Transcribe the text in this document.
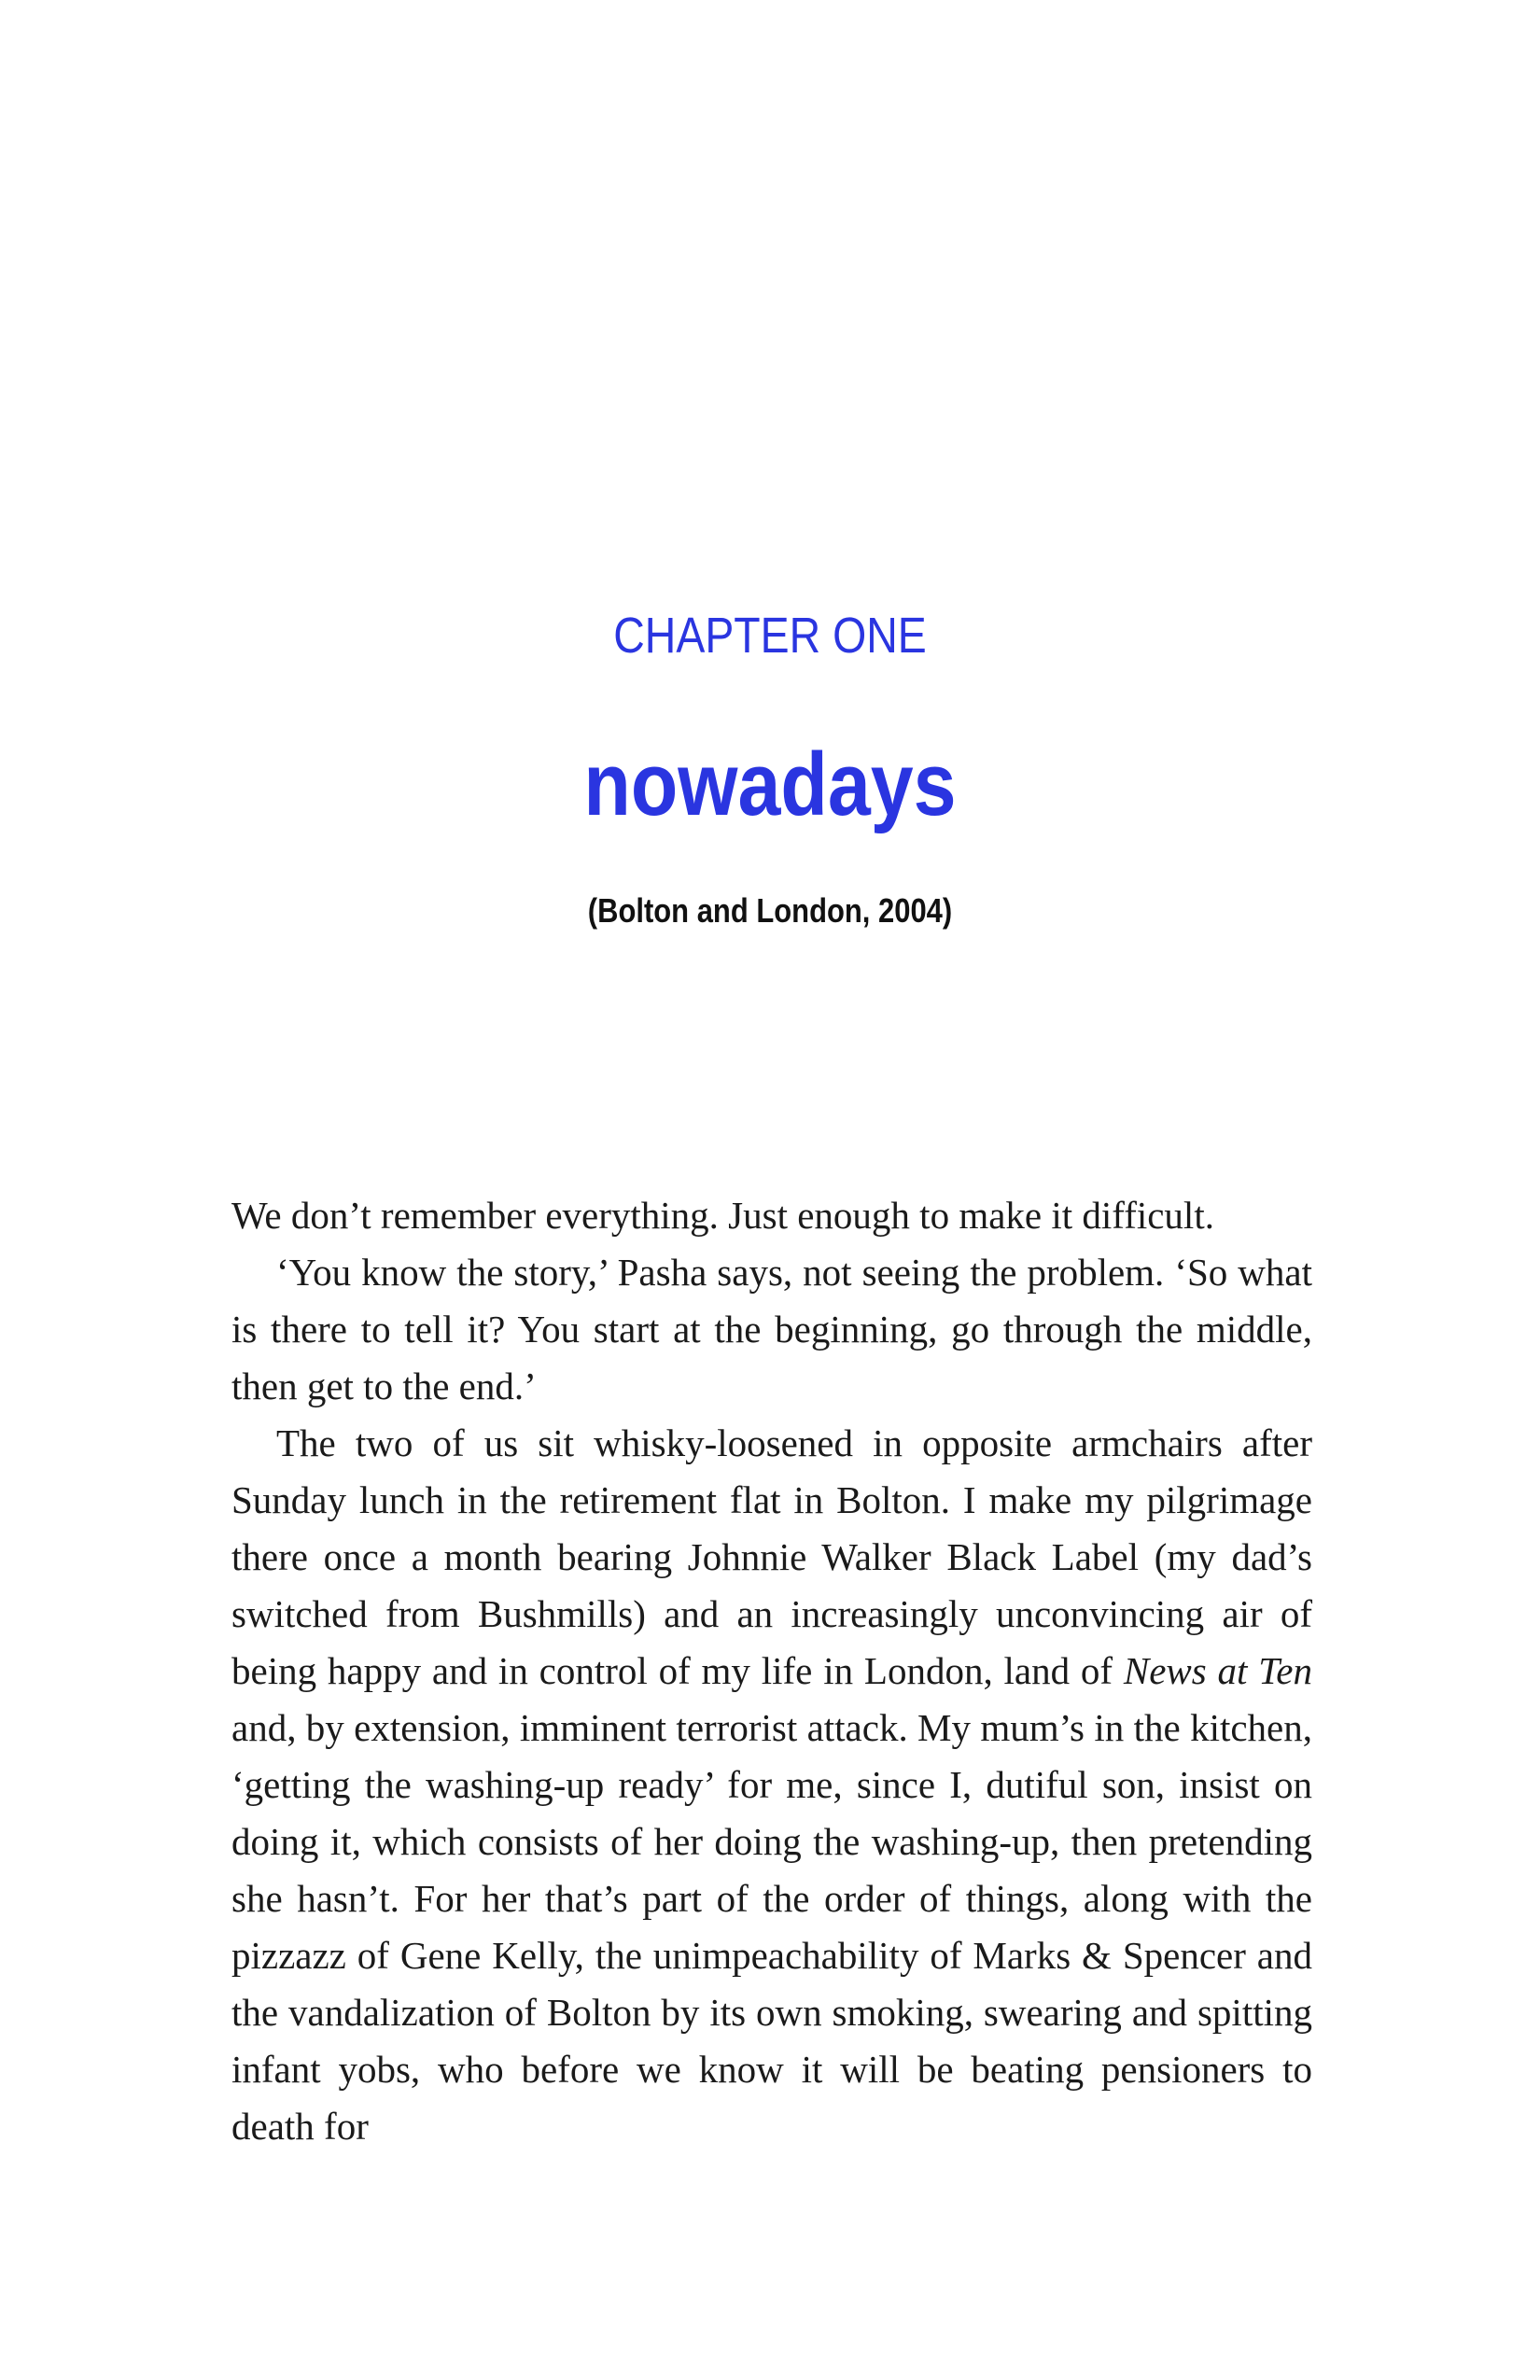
CHAPTER ONE
nowadays
(Bolton and London, 2004)

We don’t remember everything. Just enough to make it difficult.

‘You know the story,’ Pasha says, not seeing the problem. ‘So what is there to tell it? You start at the beginning, go through the middle, then get to the end.’

The two of us sit whisky-loosened in opposite armchairs after Sunday lunch in the retirement flat in Bolton. I make my pilgrimage there once a month bearing Johnnie Walker Black Label (my dad’s switched from Bushmills) and an increasingly unconvincing air of being happy and in control of my life in London, land of News at Ten and, by extension, imminent terrorist attack. My mum’s in the kitchen, ‘getting the washing-up ready’ for me, since I, dutiful son, insist on doing it, which consists of her doing the washing-up, then pretending she hasn’t. For her that’s part of the order of things, along with the pizzazz of Gene Kelly, the unimpeachability of Marks & Spencer and the vandalization of Bolton by its own smoking, swearing and spitting infant yobs, who before we know it will be beating pensioners to death for
